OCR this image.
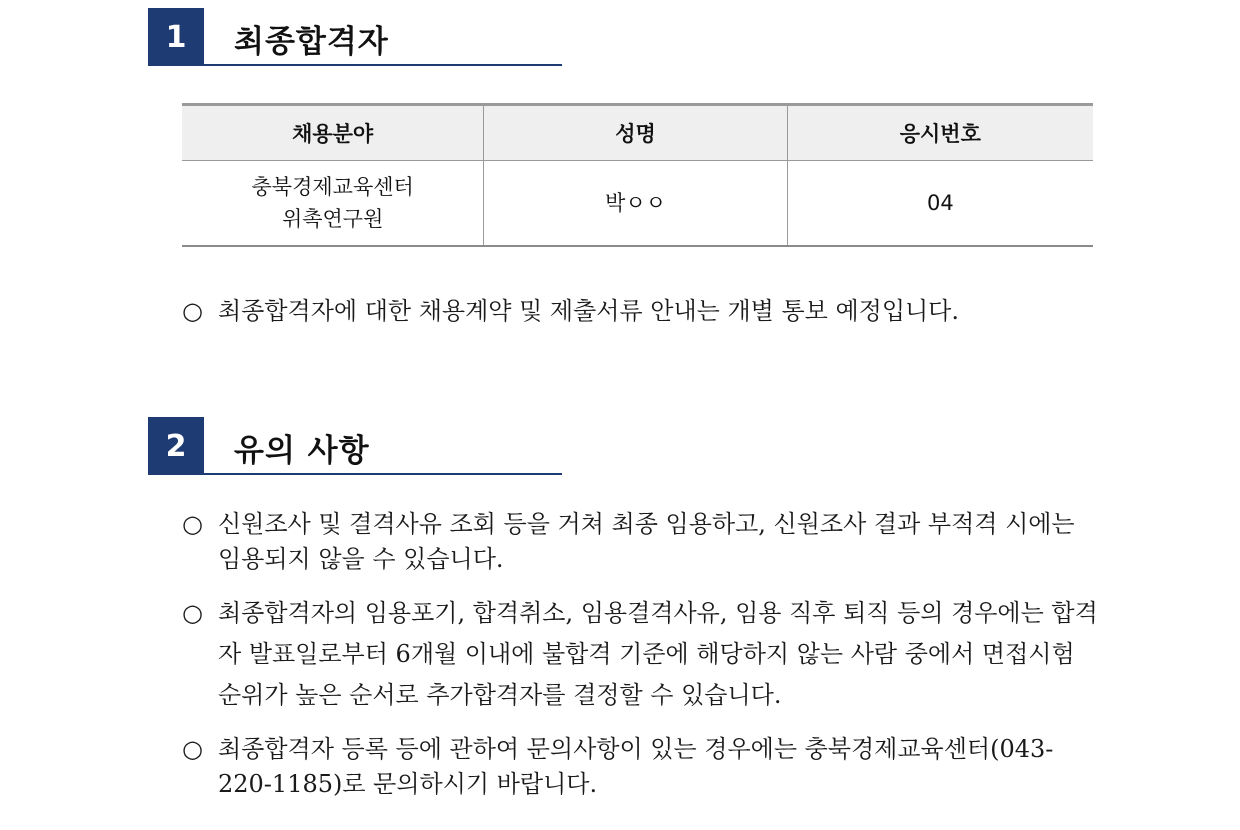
1	최종합격자
채용분야	성명	응시번호
충북경제교육센터
위촉연구원	박ㅇㅇ	04
○ 최종합격자에 대한 채용계약 및 제출서류 안내는 개별 통보 예정입니다.
2	유의 사항
○ 신원조사 및 결격사유 조회 등을 거쳐 최종 임용하고, 신원조사 결과 부적격 시에는 임용되지 않을 수 있습니다.
○ 최종합격자의 임용포기, 합격취소, 임용결격사유, 임용 직후 퇴직 등의 경우에는 합격자 발표일로부터 6개월 이내에 불합격 기준에 해당하지 않는 사람 중에서 면접시험 순위가 높은 순서로 추가합격자를 결정할 수 있습니다.
○ 최종합격자 등록 등에 관하여 문의사항이 있는 경우에는 충북경제교육센터(043-220-1185)로 문의하시기 바랍니다.
